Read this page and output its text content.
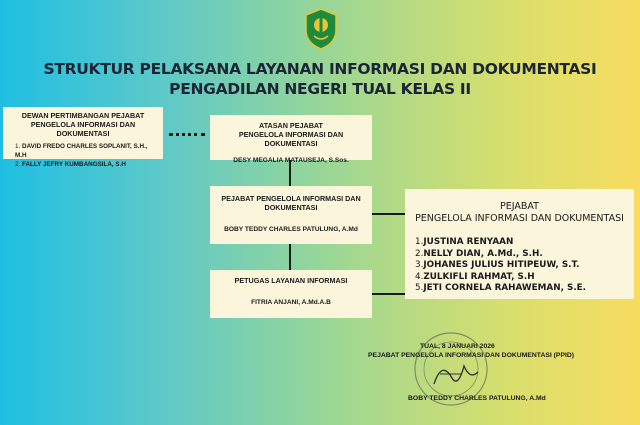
STRUKTUR PELAKSANA LAYANAN INFORMASI DAN DOKUMENTASI
PENGADILAN NEGERI TUAL KELAS II
DEWAN PERTIMBANGAN PEJABAT
PENGELOLA INFORMASI DAN DOKUMENTASI
1. DAVID FREDO CHARLES SOPLANIT, S.H., M.H
2. FALLY JEFRY KUMBANGSILA, S.H
ATASAN PEJABAT
PENGELOLA INFORMASI DAN DOKUMENTASI
DESY MEGALIA MATAUSEJA, S.Sos.
PEJABAT PENGELOLA INFORMASI DAN
DOKUMENTASI
BOBY TEDDY CHARLES PATULUNG, A.Md
PETUGAS LAYANAN INFORMASI
FITRIA ANJANI, A.Md.A.B
PEJABAT
PENGELOLA INFORMASI DAN DOKUMENTASI
1.JUSTINA RENYAAN
2.NELLY DIAN, A.Md., S.H.
3.JOHANES JULIUS HITIPEUW, S.T.
4.ZULKIFLI RAHMAT, S.H
5.JETI CORNELA RAHAWEMAN, S.E.
TUAL, 8 JANUARI 2026
PEJABAT PENGELOLA INFORMASI DAN DOKUMENTASI (PPID)
BOBY TEDDY CHARLES PATULUNG, A.Md
